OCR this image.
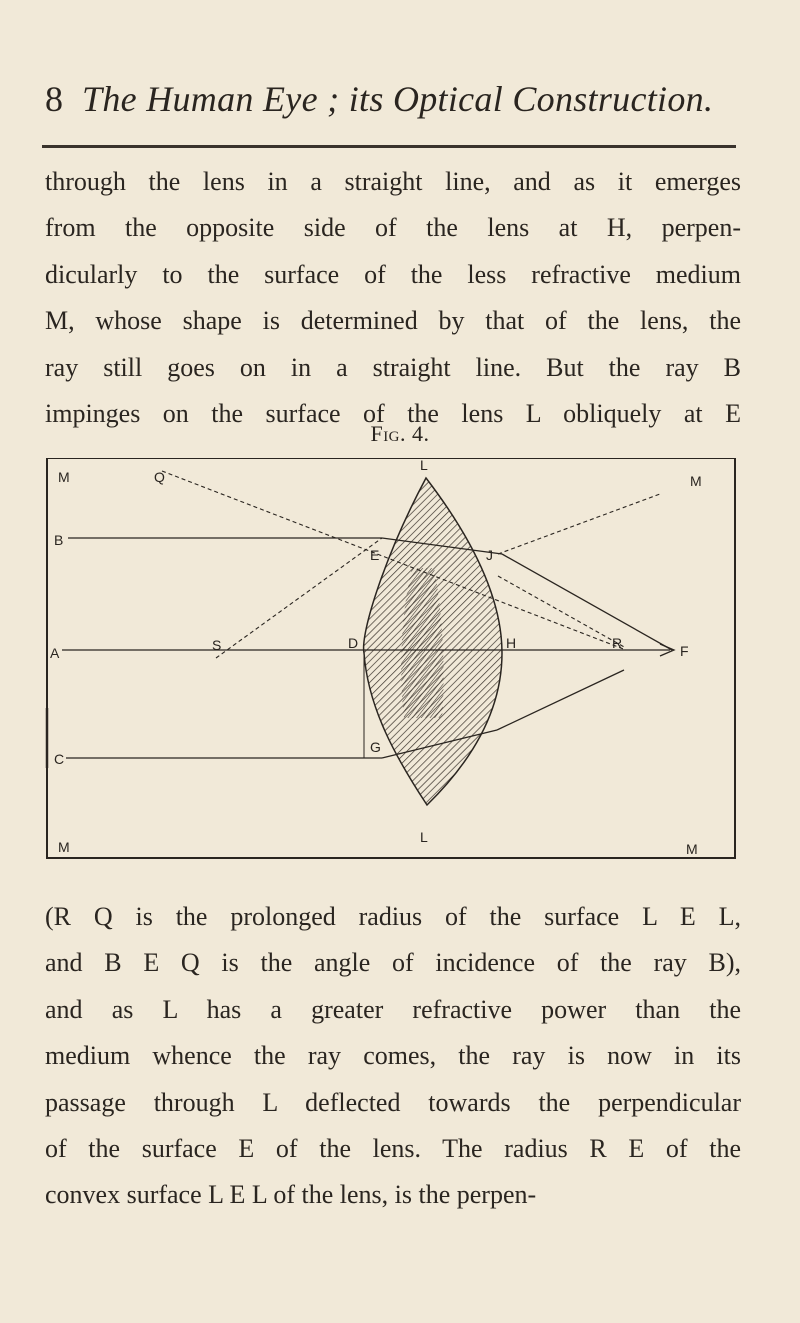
8 The Human Eye ; its Optical Construction.
through the lens in a straight line, and as it emerges
from the opposite side of the lens at H, perpen-
dicularly to the surface of the less refractive medium
M, whose shape is determined by that of the lens, the
ray still goes on in a straight line. But the ray B
impinges on the surface of the lens L obliquely at E
Fig. 4.
M	Q
L
M
B
E	J
A	S	D	H	R	F
C
G
M
L
M
(R Q is the prolonged radius of the surface L E L,
and B E Q is the angle of incidence of the ray B),
and as L has a greater refractive power than the
medium whence the ray comes, the ray is now in its
passage through L deflected towards the perpendicular
of the surface E of the lens. The radius R E of the
convex surface L E L of the lens, is the perpen-
